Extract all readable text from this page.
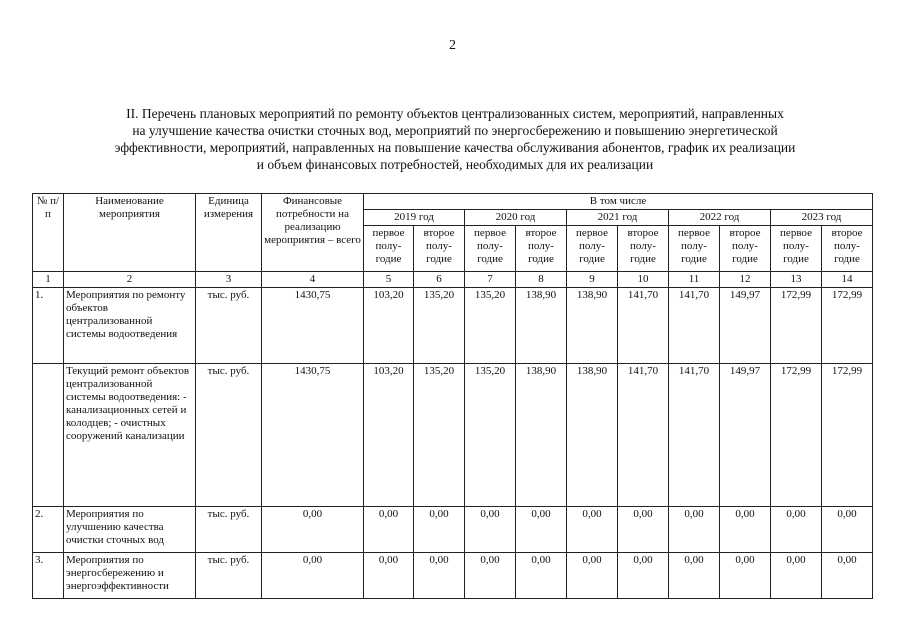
2
II. Перечень плановых мероприятий по ремонту объектов централизованных систем, мероприятий, направленных
на улучшение качества очистки сточных вод, мероприятий по энергосбережению и повышению энергетической
эффективности, мероприятий, направленных на повышение качества обслуживания абонентов, график их реализации
и объем финансовых потребностей, необходимых для их реализации
№ п/п	Наименование мероприятия	Единица измерения	Финансовые потребности на реализацию мероприятия – всего	В том числе									
				2019 год		2020 год		2021 год		2022 год		2023 год	
				первое полу-годие	второе полу-годие	первое полу-годие	второе полу-годие	первое полу-годие	второе полу-годие	первое полу-годие	второе полу-годие	первое полу-годие	второе полу-годие
1	2	3	4	5	6	7	8	9	10	11	12	13	14
1.	Мероприятия по ремонту объектов централизованной системы водоотведения	тыс. руб.	1430,75	103,20	135,20	135,20	138,90	138,90	141,70	141,70	149,97	172,99	172,99
	Текущий ремонт объектов централизованной системы водоотведения: - канализационных сетей и колодцев; - очистных сооружений канализации	тыс. руб.	1430,75	103,20	135,20	135,20	138,90	138,90	141,70	141,70	149,97	172,99	172,99
2.	Мероприятия по улучшению качества очистки сточных вод	тыс. руб.	0,00	0,00	0,00	0,00	0,00	0,00	0,00	0,00	0,00	0,00	0,00
3.	Мероприятия по энергосбережению и энергоэффективности	тыс. руб.	0,00	0,00	0,00	0,00	0,00	0,00	0,00	0,00	0,00	0,00	0,00
